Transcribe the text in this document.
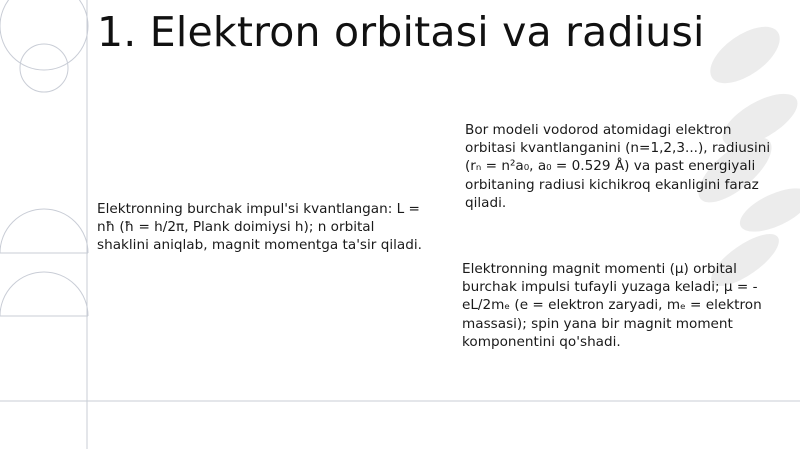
1. Elektron orbitasi va radiusi
Elektronning burchak impul'si kvantlangan: L = nħ (ħ = h/2π, Plank doimiysi h); n orbital shaklini aniqlab, magnit momentga ta'sir qiladi.
Bor modeli vodorod atomidagi elektron orbitasi kvantlanganini (n=1,2,3...), radiusini (rₙ = n²a₀, a₀ = 0.529 Å) va past energiyali orbitaning radiusi kichikroq ekanligini faraz qiladi.
Elektronning magnit momenti (μ) orbital burchak impulsi tufayli yuzaga keladi; μ = -eL/2mₑ (e = elektron zaryadi, mₑ = elektron massasi); spin yana bir magnit moment komponentini qo'shadi.
